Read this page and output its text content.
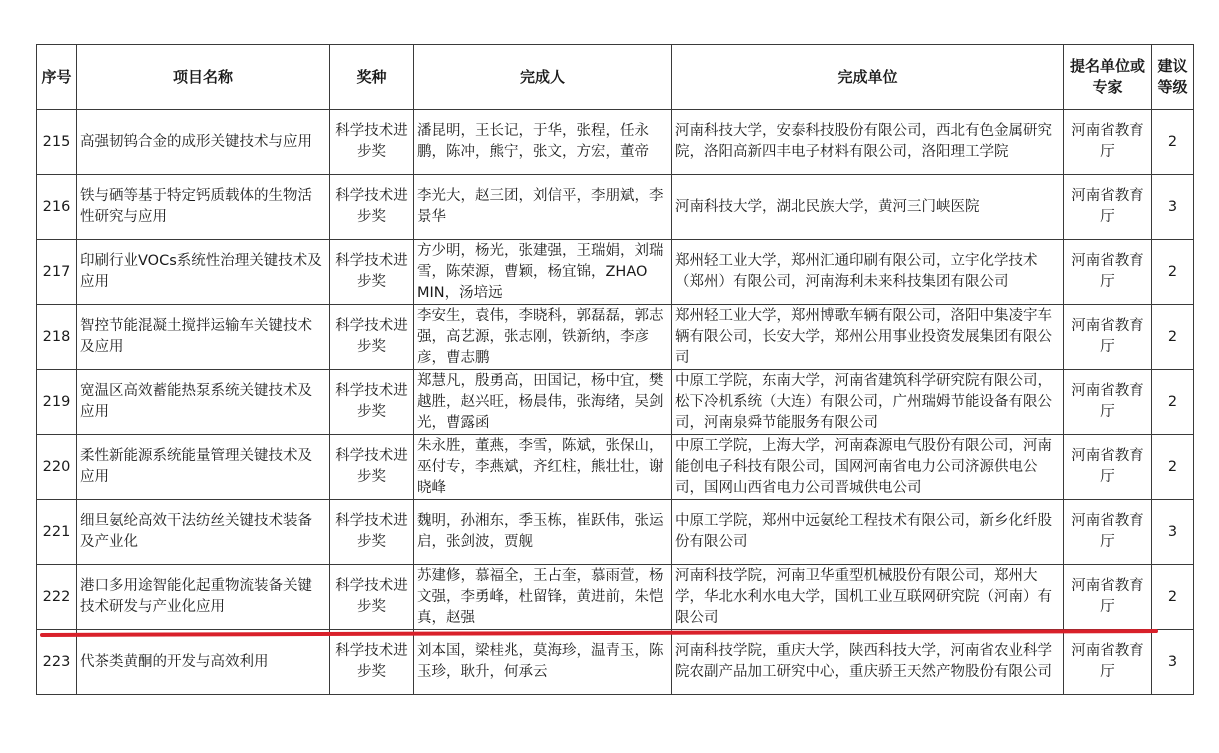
序号	项目名称	奖种	完成人	完成单位	提名单位或专家	建议等级
215	高强韧钨合金的成形关键技术与应用	科学技术进步奖	潘昆明，王长记，于华，张程，任永鹏，陈冲，熊宁，张文，方宏，董帝	河南科技大学，安泰科技股份有限公司，西北有色金属研究院，洛阳高新四丰电子材料有限公司，洛阳理工学院	河南省教育厅	2
216	铁与硒等基于特定钙质载体的生物活性研究与应用	科学技术进步奖	李光大，赵三团，刘信平，李朋斌，李景华	河南科技大学，湖北民族大学，黄河三门峡医院	河南省教育厅	3
217	印刷行业VOCs系统性治理关键技术及应用	科学技术进步奖	方少明，杨光，张建强，王瑞娟，刘瑞雪，陈荣源，曹颖，杨宜锦，ZHAO MIN，汤培远	郑州轻工业大学，郑州汇通印刷有限公司，立宇化学技术（郑州）有限公司，河南海利未来科技集团有限公司	河南省教育厅	2
218	智控节能混凝土搅拌运输车关键技术及应用	科学技术进步奖	李安生，袁伟，李晓科，郭磊磊，郭志强，高艺源，张志刚，铁新纳，李彦彦，曹志鹏	郑州轻工业大学，郑州博歌车辆有限公司，洛阳中集凌宇车辆有限公司，长安大学，郑州公用事业投资发展集团有限公司	河南省教育厅	2
219	宽温区高效蓄能热泵系统关键技术及应用	科学技术进步奖	郑慧凡，殷勇高，田国记，杨中宜，樊越胜，赵兴旺，杨晨伟，张海绪，吴剑光，曹露函	中原工学院，东南大学，河南省建筑科学研究院有限公司，松下冷机系统（大连）有限公司，广州瑞姆节能设备有限公司，河南泉舜节能服务有限公司	河南省教育厅	2
220	柔性新能源系统能量管理关键技术及应用	科学技术进步奖	朱永胜，董燕，李雪，陈斌，张保山，巫付专，李燕斌，齐红柱，熊壮壮，谢晓峰	中原工学院，上海大学，河南森源电气股份有限公司，河南能创电子科技有限公司，国网河南省电力公司济源供电公司，国网山西省电力公司晋城供电公司	河南省教育厅	2
221	细旦氨纶高效干法纺丝关键技术装备及产业化	科学技术进步奖	魏明，孙湘东，季玉栋，崔跃伟，张运启，张剑波，贾舰	中原工学院，郑州中远氨纶工程技术有限公司，新乡化纤股份有限公司	河南省教育厅	3
222	港口多用途智能化起重物流装备关键技术研发与产业化应用	科学技术进步奖	苏建修，慕福全，王占奎，慕雨萱，杨文强，李勇峰，杜留锋，黄进前，朱恺真，赵强	河南科技学院，河南卫华重型机械股份有限公司，郑州大学，华北水利水电大学，国机工业互联网研究院（河南）有限公司	河南省教育厅	2
223	代茶类黄酮的开发与高效利用	科学技术进步奖	刘本国，梁桂兆，莫海珍，温青玉，陈玉珍，耿升，何承云	河南科技学院，重庆大学，陕西科技大学，河南省农业科学院农副产品加工研究中心，重庆骄王天然产物股份有限公司	河南省教育厅	3
